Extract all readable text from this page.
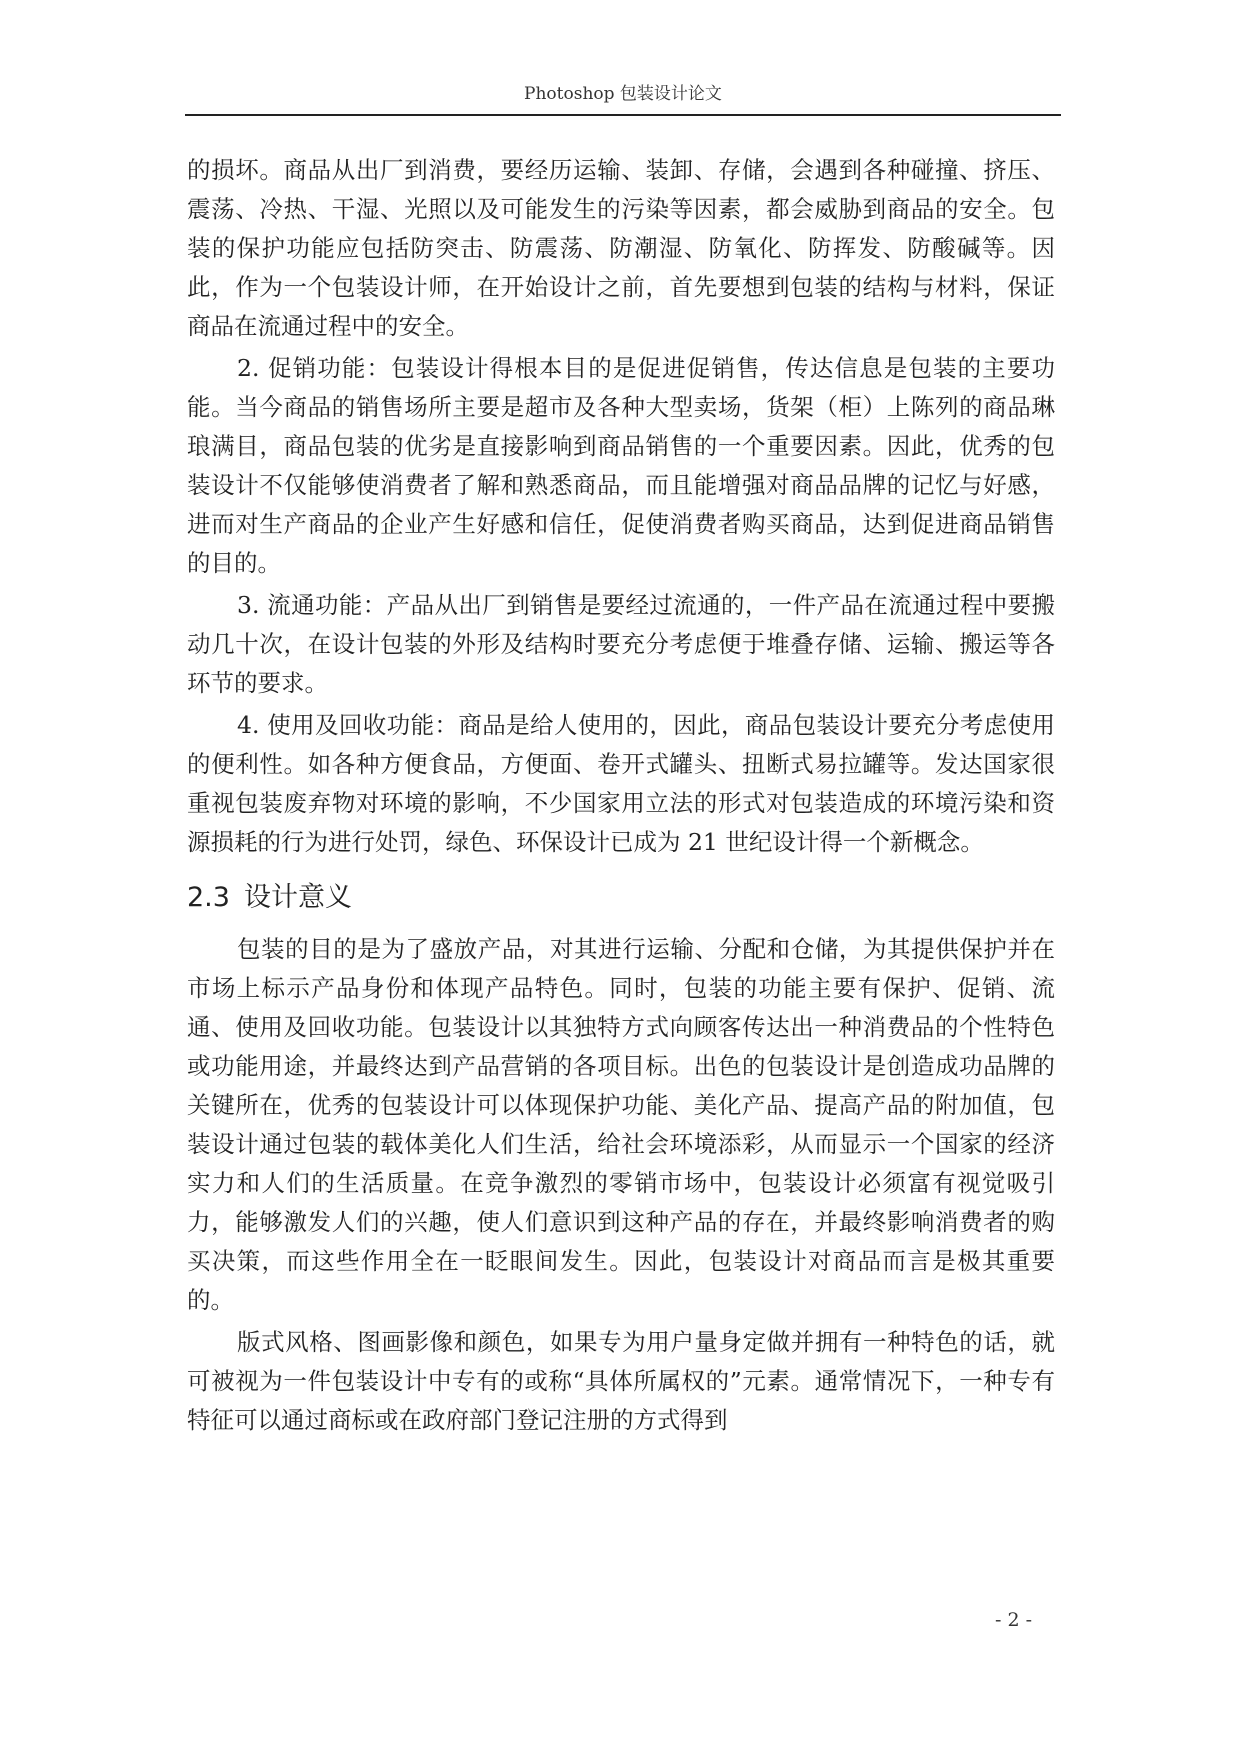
Photoshop 包装设计论文

的损坏。商品从出厂到消费，要经历运输、装卸、存储，会遇到各种碰撞、挤压、震荡、冷热、干湿、光照以及可能发生的污染等因素，都会威胁到商品的安全。包装的保护功能应包括防突击、防震荡、防潮湿、防氧化、防挥发、防酸碱等。因此，作为一个包装设计师，在开始设计之前，首先要想到包装的结构与材料，保证商品在流通过程中的安全。

2. 促销功能：包装设计得根本目的是促进促销售，传达信息是包装的主要功能。当今商品的销售场所主要是超市及各种大型卖场，货架（柜）上陈列的商品琳琅满目，商品包装的优劣是直接影响到商品销售的一个重要因素。因此，优秀的包装设计不仅能够使消费者了解和熟悉商品，而且能增强对商品品牌的记忆与好感，进而对生产商品的企业产生好感和信任，促使消费者购买商品，达到促进商品销售的目的。

3. 流通功能：产品从出厂到销售是要经过流通的，一件产品在流通过程中要搬动几十次，在设计包装的外形及结构时要充分考虑便于堆叠存储、运输、搬运等各环节的要求。

4. 使用及回收功能：商品是给人使用的，因此，商品包装设计要充分考虑使用的便利性。如各种方便食品，方便面、卷开式罐头、扭断式易拉罐等。发达国家很重视包装废弃物对环境的影响，不少国家用立法的形式对包装造成的环境污染和资源损耗的行为进行处罚，绿色、环保设计已成为 21 世纪设计得一个新概念。

2.3 设计意义

包装的目的是为了盛放产品，对其进行运输、分配和仓储，为其提供保护并在市场上标示产品身份和体现产品特色。同时，包装的功能主要有保护、促销、流通、使用及回收功能。包装设计以其独特方式向顾客传达出一种消费品的个性特色或功能用途，并最终达到产品营销的各项目标。出色的包装设计是创造成功品牌的关键所在，优秀的包装设计可以体现保护功能、美化产品、提高产品的附加值，包装设计通过包装的载体美化人们生活，给社会环境添彩，从而显示一个国家的经济实力和人们的生活质量。在竞争激烈的零销市场中，包装设计必须富有视觉吸引力，能够激发人们的兴趣，使人们意识到这种产品的存在，并最终影响消费者的购买决策，而这些作用全在一眨眼间发生。因此，包装设计对商品而言是极其重要的。

版式风格、图画影像和颜色，如果专为用户量身定做并拥有一种特色的话，就可被视为一件包装设计中专有的或称“具体所属权的”元素。通常情况下，一种专有特征可以通过商标或在政府部门登记注册的方式得到

- 2 -
